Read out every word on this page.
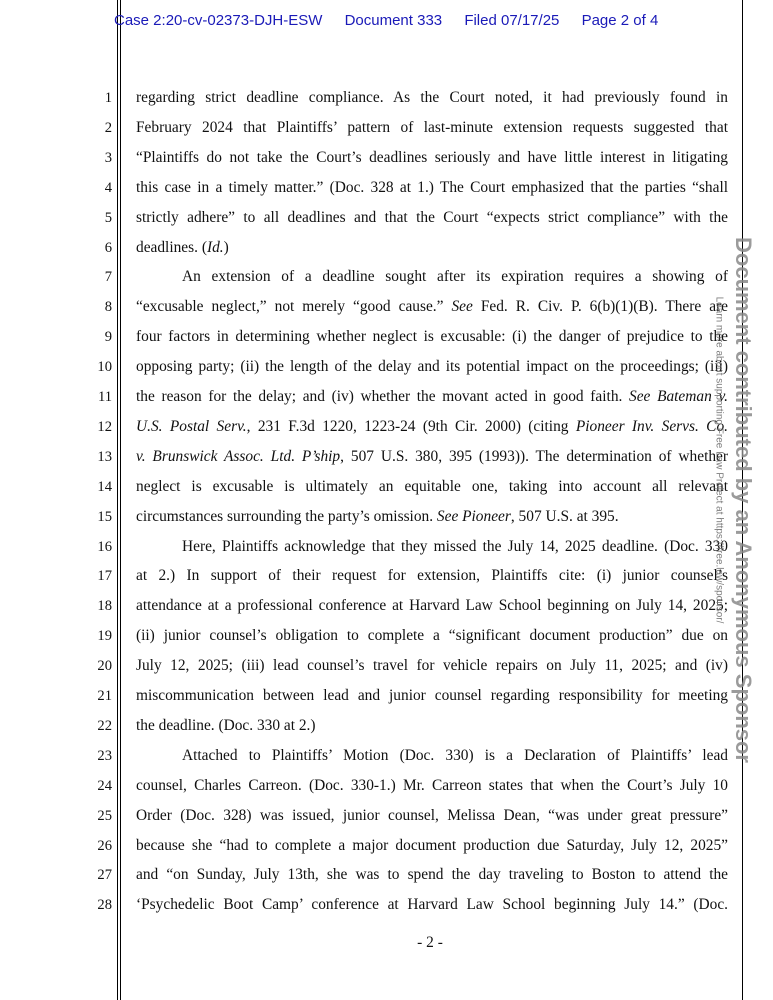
Case 2:20-cv-02373-DJH-ESW Document 333 Filed 07/17/25 Page 2 of 4
1
2
3
4
5
6
7
8
9
10
11
12
13
14
15
16
17
18
19
20
21
22
23
24
25
26
27
28
regarding strict deadline compliance. As the Court noted, it had previously found in
February 2024 that Plaintiffs’ pattern of last-minute extension requests suggested that
“Plaintiffs do not take the Court’s deadlines seriously and have little interest in litigating
this case in a timely matter.” (Doc. 328 at 1.) The Court emphasized that the parties “shall
strictly adhere” to all deadlines and that the Court “expects strict compliance” with the
deadlines. (Id.)
An extension of a deadline sought after its expiration requires a showing of
“excusable neglect,” not merely “good cause.” See Fed. R. Civ. P. 6(b)(1)(B). There are
four factors in determining whether neglect is excusable: (i) the danger of prejudice to the
opposing party; (ii) the length of the delay and its potential impact on the proceedings; (iii)
the reason for the delay; and (iv) whether the movant acted in good faith. See Bateman v.
U.S. Postal Serv., 231 F.3d 1220, 1223-24 (9th Cir. 2000) (citing Pioneer Inv. Servs. Co.
v. Brunswick Assoc. Ltd. P’ship, 507 U.S. 380, 395 (1993)). The determination of whether
neglect is excusable is ultimately an equitable one, taking into account all relevant
circumstances surrounding the party’s omission. See Pioneer, 507 U.S. at 395.
Here, Plaintiffs acknowledge that they missed the July 14, 2025 deadline. (Doc. 330
at 2.) In support of their request for extension, Plaintiffs cite: (i) junior counsel’s
attendance at a professional conference at Harvard Law School beginning on July 14, 2025;
(ii) junior counsel’s obligation to complete a “significant document production” due on
July 12, 2025; (iii) lead counsel’s travel for vehicle repairs on July 11, 2025; and (iv)
miscommunication between lead and junior counsel regarding responsibility for meeting
the deadline. (Doc. 330 at 2.)
Attached to Plaintiffs’ Motion (Doc. 330) is a Declaration of Plaintiffs’ lead
counsel, Charles Carreon. (Doc. 330-1.) Mr. Carreon states that when the Court’s July 10
Order (Doc. 328) was issued, junior counsel, Melissa Dean, “was under great pressure”
because she “had to complete a major document production due Saturday, July 12, 2025”
and “on Sunday, July 13th, she was to spend the day traveling to Boston to attend the
‘Psychedelic Boot Camp’ conference at Harvard Law School beginning July 14.” (Doc.
- 2 -
Document contributed by an Anonymous Sponsor
Learn more about supporting Free Law Project at https://free.law/sponsor/
